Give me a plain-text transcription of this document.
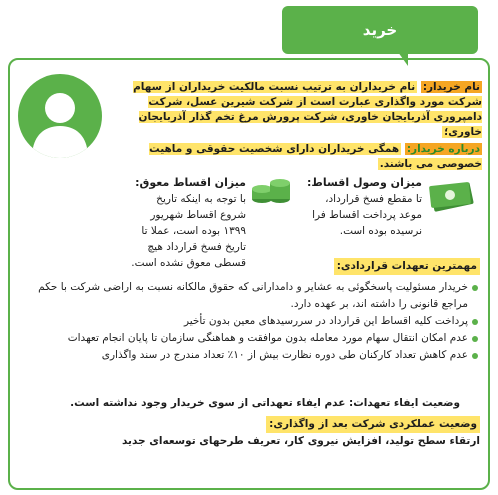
خرید

نام خریدار: نام خریداران به ترتیب نسبت مالکیت خریداران از سهام شرکت مورد واگذاری عبارت است از شرکت شیرین عسل، شرکت دامپروری آذربایجان خاوری، شرکت پرورش مرغ تخم گذار آذربایجان خاوری؛

درباره خریدار: همگی خریداران دارای شخصیت حقوقی و ماهیت خصوصی می باشند.

میزان وصول اقساط:
تا مقطع فسخ قرارداد، موعد پرداخت اقساط فرا نرسیده بوده است.
میزان اقساط معوق:
با توجه به اینکه تاریخ شروع اقساط شهریور ۱۳۹۹ بوده است، عملا تا تاریخ فسخ قرارداد هیچ قسطی معوق نشده است.	مهمترین تعهدات قراردادی:
خریدار مسئولیت پاسخگوئی به عشایر و دامدارانی که حقوق مالکانه نسبت به اراضی شرکت با حکم مراجع قانونی را داشته اند، بر عهده دارد.
پرداخت کلیه اقساط این قرارداد در سررسیدهای معین بدون تأخیر
عدم امکان انتقال سهام مورد معامله بدون موافقت و هماهنگی سازمان تا پایان انجام تعهدات
عدم کاهش تعداد کارکنان طی دوره نظارت بیش از ۱۰٪ تعداد مندرج در سند واگذاری
وضعیت ایفاء تعهدات: عدم ایفاء تعهداتی از سوی خریدار وجود نداشته است.
وضعیت عملکردی شرکت بعد از واگذاری:
ارتقاء سطح تولید، افزایش نیروی کار، تعریف طرحهای توسعه‌ای جدید
